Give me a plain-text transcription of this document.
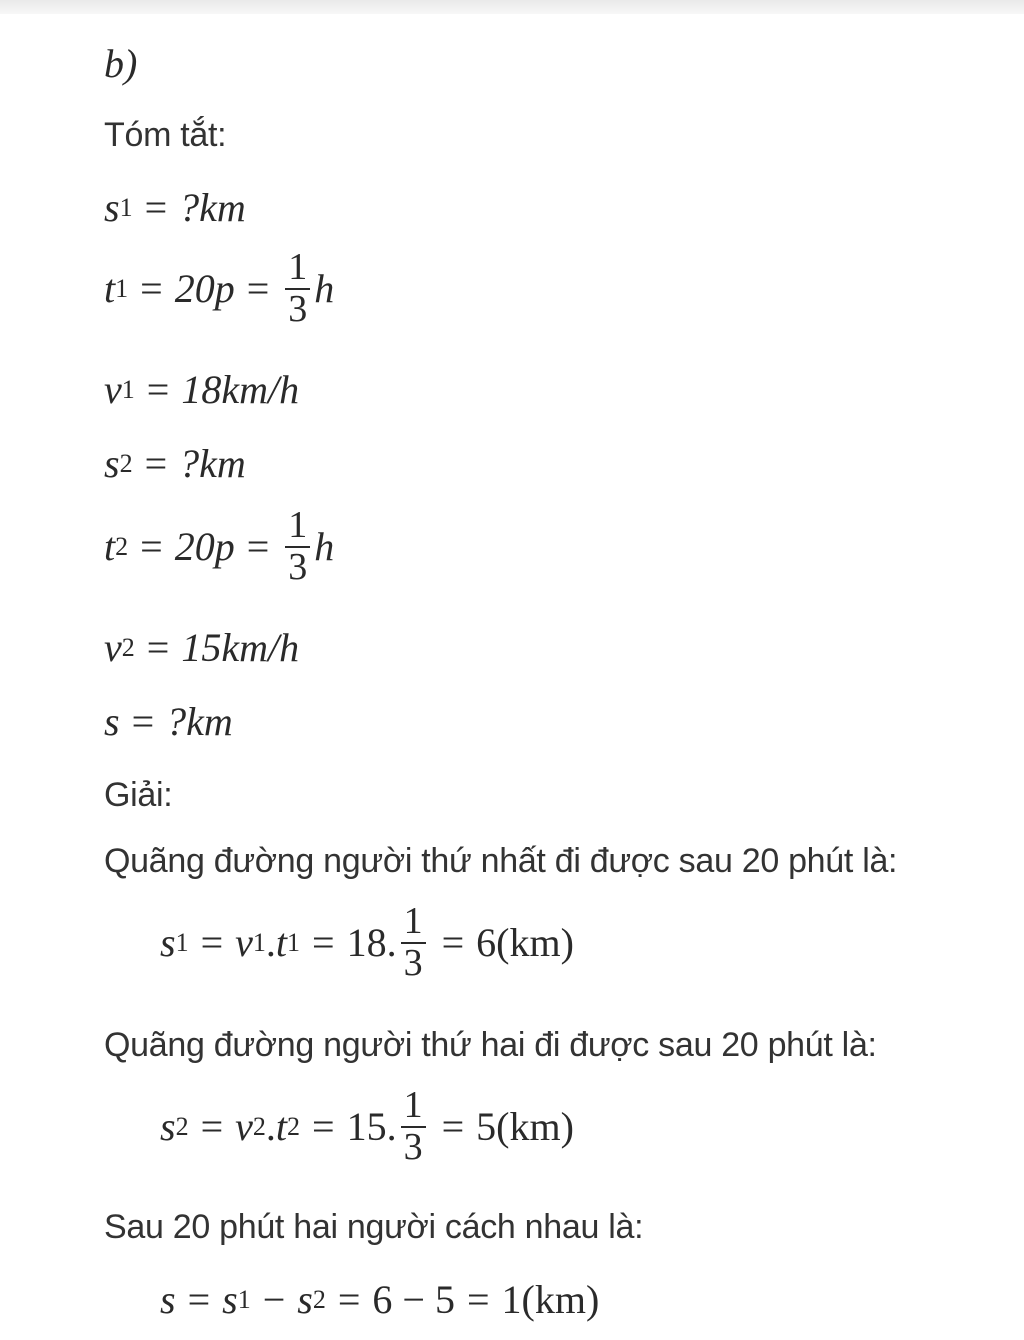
b)
Tóm tắt:
s 1 = ?km
t $1 = 20p = \frac{1}{3}$ h
v 1 = 18km/h
s 2 = ?km
t $2 = 20p = \frac{1}{3}$ h
v 2 = 15km/h
s = ?km
Giải:
Quãng đường người thứ nhất đi được sau 20 phút là:
s 1 = v 1 . t 1 = 18. $\frac{1}{3} = 6(km)$
Quãng đường người thứ hai đi được sau 20 phút là:
s 2 = v 2 . t 2 = 15. $\frac{1}{3} = 5(km)$
Sau 20 phút hai người cách nhau là:
s = s 1 − s 2 = 6 − 5 = 1(km)
